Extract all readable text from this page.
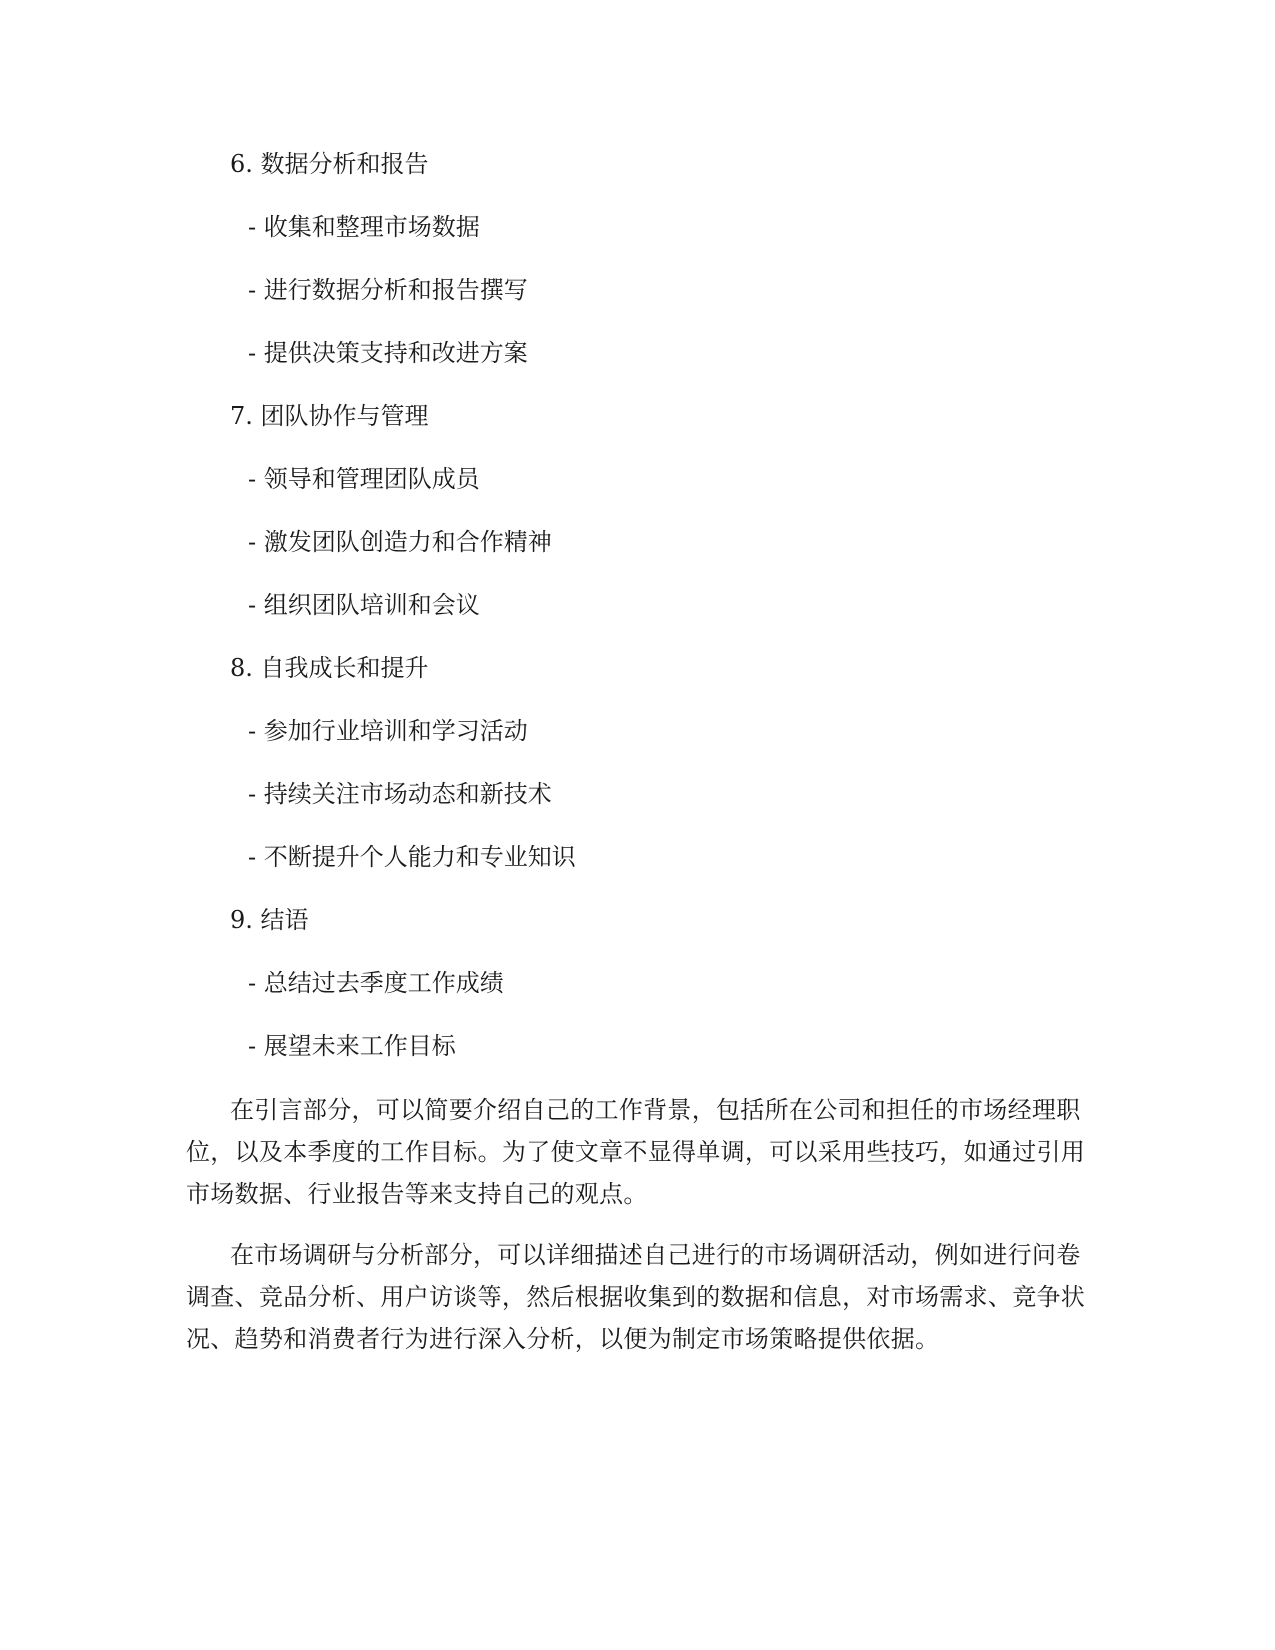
6. 数据分析和报告
- 收集和整理市场数据
- 进行数据分析和报告撰写
- 提供决策支持和改进方案
7. 团队协作与管理
- 领导和管理团队成员
- 激发团队创造力和合作精神
- 组织团队培训和会议
8. 自我成长和提升
- 参加行业培训和学习活动
- 持续关注市场动态和新技术
- 不断提升个人能力和专业知识
9. 结语
- 总结过去季度工作成绩
- 展望未来工作目标

在引言部分，可以简要介绍自己的工作背景，包括所在公司和担任的市场经理职位，以及本季度的工作目标。为了使文章不显得单调，可以采用些技巧，如通过引用市场数据、行业报告等来支持自己的观点。

在市场调研与分析部分，可以详细描述自己进行的市场调研活动，例如进行问卷调查、竞品分析、用户访谈等，然后根据收集到的数据和信息，对市场需求、竞争状况、趋势和消费者行为进行深入分析，以便为制定市场策略提供依据。
